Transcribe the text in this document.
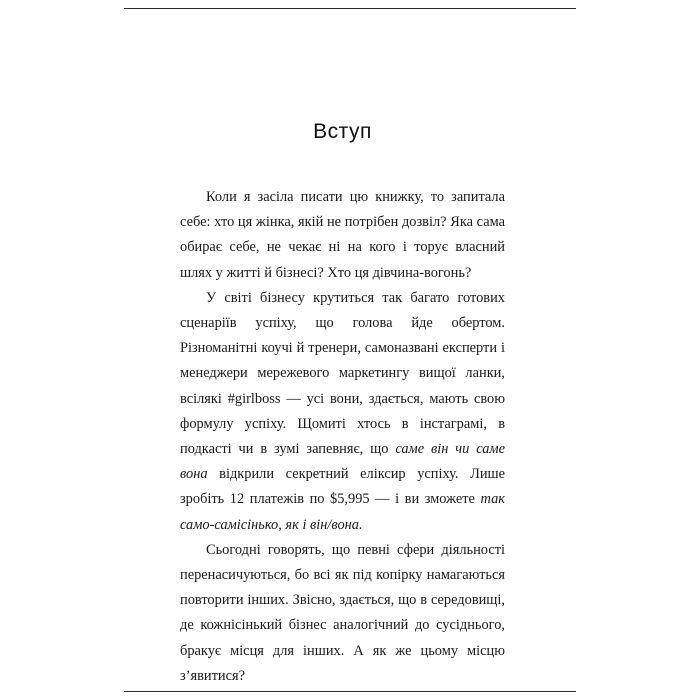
Вступ

Коли я засіла писати цю книжку, то запитала себе: хто ця жінка, якій не потрібен дозвіл? Яка сама обирає себе, не чекає ні на кого і торує власний шлях у житті й бізнесі? Хто ця дівчина-вогонь?

У світі бізнесу крутиться так багато готових сценаріїв успіху, що голова йде обертом. Різноманітні коучі й тренери, самоназвані експерти і менеджери мережевого маркетингу вищої ланки, всілякі #girlboss — усі вони, здається, мають свою формулу успіху. Щомиті хтось в інстаграмі, в подкасті чи в зумі запевняє, що саме він чи саме вона відкрили секретний еліксир успіху. Лише зробіть 12 платежів по $5,995 — і ви зможете так само-самісінько, як і він/вона.

Сьогодні говорять, що певні сфери діяльності перенасичуються, бо всі як під копірку намагаються повторити інших. Звісно, здається, що в середовищі, де кожнісінький бізнес аналогічний до сусіднього, бракує місця для інших. А як же цьому місцю з’явитися?
